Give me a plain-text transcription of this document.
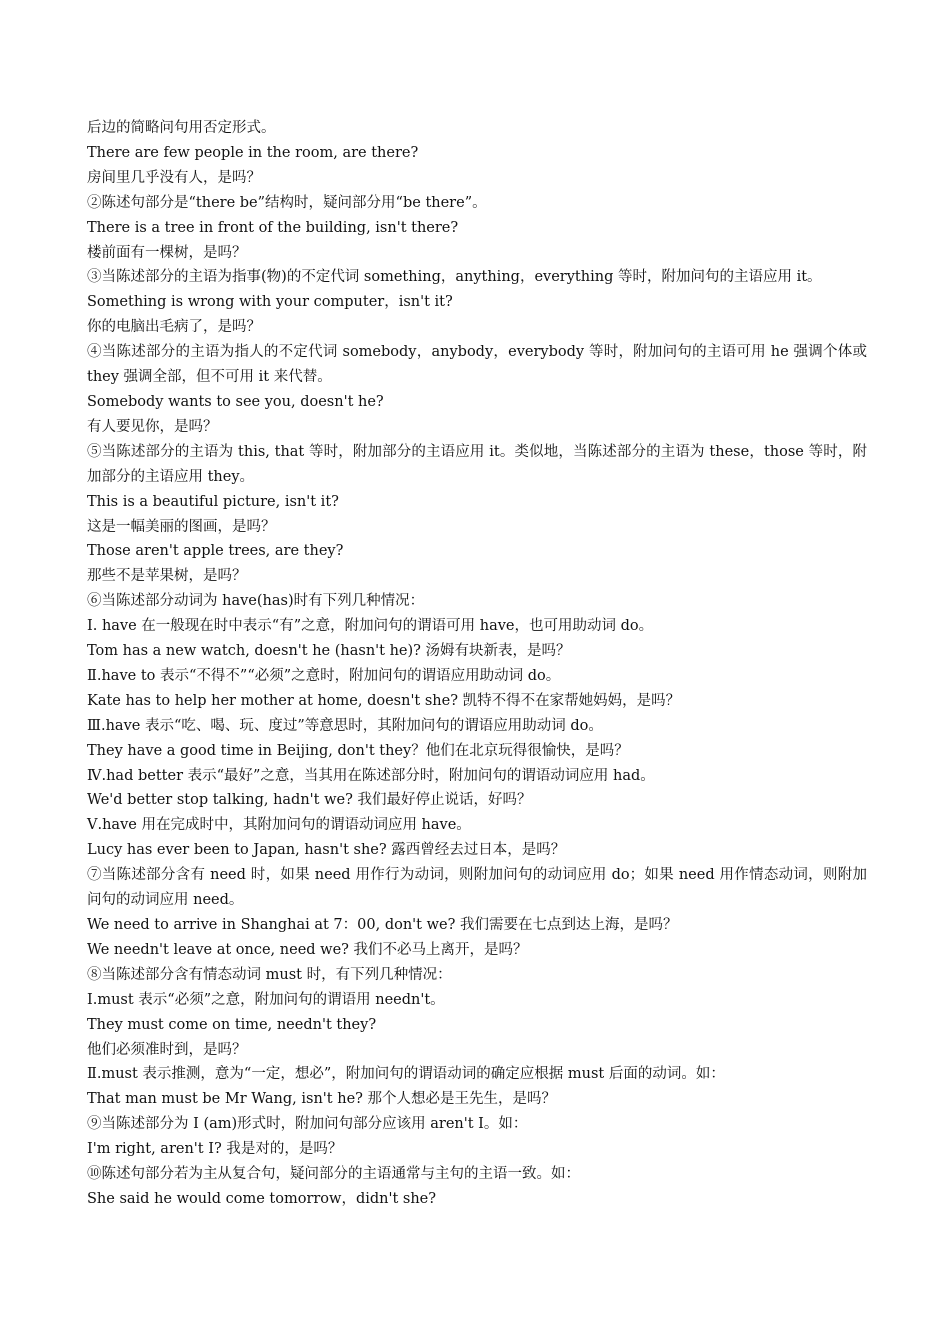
后边的简略问句用否定形式。
There are few people in the room, are there?
房间里几乎没有人，是吗？
②陈述句部分是“there be”结构时，疑问部分用“be there”。
There is a tree in front of the building, isn't there?
楼前面有一棵树，是吗？
③当陈述部分的主语为指事(物)的不定代词 something，anything，everything 等时，附加问句的主语应用 it。
Something is wrong with your computer，isn't it?
你的电脑出毛病了，是吗？
④当陈述部分的主语为指人的不定代词 somebody，anybody，everybody 等时，附加问句的主语可用 he 强调个体或 they 强调全部，但不可用 it 来代替。
Somebody wants to see you, doesn't he?
有人要见你，是吗？
⑤当陈述部分的主语为 this, that 等时，附加部分的主语应用 it。类似地，当陈述部分的主语为 these，those 等时，附加部分的主语应用 they。
This is a beautiful picture, isn't it?
这是一幅美丽的图画，是吗？
Those aren't apple trees, are they?
那些不是苹果树，是吗？
⑥当陈述部分动词为 have(has)时有下列几种情况：
Ⅰ. have 在一般现在时中表示“有”之意，附加问句的谓语可用 have，也可用助动词 do。
Tom has a new watch, doesn't he (hasn't he)? 汤姆有块新表，是吗？
Ⅱ.have to 表示“不得不”“必须”之意时，附加问句的谓语应用助动词 do。
Kate has to help her mother at home, doesn't she? 凯特不得不在家帮她妈妈，是吗？
Ⅲ.have 表示“吃、喝、玩、度过”等意思时，其附加问句的谓语应用助动词 do。
They have a good time in Beijing, don't they？他们在北京玩得很愉快，是吗？
Ⅳ.had better 表示“最好”之意，当其用在陈述部分时，附加问句的谓语动词应用 had。
We'd better stop talking, hadn't we? 我们最好停止说话，好吗？
Ⅴ.have 用在完成时中，其附加问句的谓语动词应用 have。
Lucy has ever been to Japan, hasn't she? 露西曾经去过日本，是吗？
⑦当陈述部分含有 need 时，如果 need 用作行为动词，则附加问句的动词应用 do；如果 need 用作情态动词，则附加问句的动词应用 need。
We need to arrive in Shanghai at 7：00, don't we? 我们需要在七点到达上海，是吗？
We needn't leave at once, need we? 我们不必马上离开，是吗？
⑧当陈述部分含有情态动词 must 时，有下列几种情况：
Ⅰ.must 表示“必须”之意，附加问句的谓语用 needn't。
They must come on time, needn't they?
他们必须准时到，是吗？
Ⅱ.must 表示推测，意为“一定，想必”，附加问句的谓语动词的确定应根据 must 后面的动词。如：
That man must be Mr Wang, isn't he? 那个人想必是王先生，是吗？
⑨当陈述部分为 I (am)形式时，附加问句部分应该用 aren't I。如：
I'm right, aren't I? 我是对的，是吗？
⑩陈述句部分若为主从复合句，疑问部分的主语通常与主句的主语一致。如：
She said he would come tomorrow，didn't she?
